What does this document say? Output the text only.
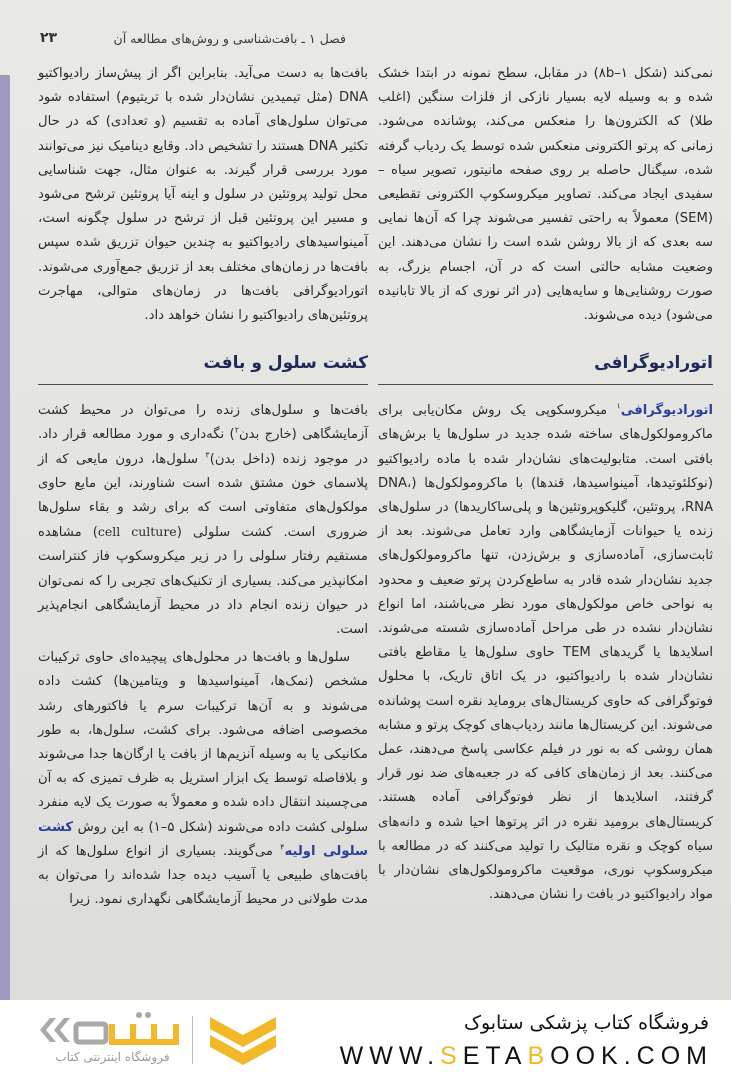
فصل ۱ ـ بافت‌شناسی و روش‌های مطالعه آن
۲۳

نمی‌کند (شکل ۸b–۱) در مقابل، سطح نمونه در ابتدا خشک شده و به وسیله لایه بسیار نازکی از فلزات سنگین (اغلب طلا) که الکترون‌ها را منعکس می‌کند، پوشانده می‌شود. زمانی که پرتو الکترونی منعکس شده توسط یک ردیاب گرفته شده، سیگنال حاصله بر روی صفحه مانیتور، تصویر سیاه – سفیدی ایجاد می‌کند. تصاویر میکروسکوپ الکترونی تقطیعی (SEM) معمولاً به راحتی تفسیر می‌شوند چرا که آن‌ها نمایی سه بعدی که از بالا روشن شده است را نشان می‌دهند. این وضعیت مشابه حالتی است که در آن، اجسام بزرگ، به صورت روشنایی‌ها و سایه‌هایی (در اثر نوری که از بالا تابانیده می‌شود) دیده می‌شوند.

اتورادیوگرافی

اتورادیوگرافی$^۱$ میکروسکوپی یک روش مکان‌یابی برای ماکرومولکول‌های ساخته شده جدید در سلول‌ها یا برش‌های بافتی است. متابولیت‌های نشان‌دار شده با ماده رادیواکتیو (نوکلئوتیدها، آمینواسیدها، قندها) با ماکرومولکول‌ها (DNA، RNA، پروتئین، گلیکوپروتئین‌ها و پلی‌ساکاریدها) در سلول‌های زنده یا حیوانات آزمایشگاهی وارد تعامل می‌شوند. بعد از ثابت‌سازی، آماده‌سازی و برش‌زدن، تنها ماکرومولکول‌های جدید نشان‌دار شده قادر به ساطع‌کردن پرتو ضعیف و محدود به نواحی خاص مولکول‌های مورد نظر می‌باشند، اما انواع نشان‌دار نشده در طی مراحل آماده‌سازی شسته می‌شوند. اسلایدها یا گریدهای TEM حاوی سلول‌ها یا مقاطع بافتی نشان‌دار شده با رادیواکتیو، در یک اتاق تاریک، با محلول فوتوگرافی که حاوی کریستال‌های بروماید نقره است پوشانده می‌شوند. این کریستال‌ها مانند ردیاب‌های کوچک پرتو و مشابه همان روشی که به نور در فیلم عکاسی پاسخ می‌دهند، عمل می‌کنند. بعد از زمان‌های کافی که در جعبه‌های ضد نور قرار گرفتند، اسلایدها از نظر فوتوگرافی آماده هستند. کریستال‌های برومید نقره در اثر پرتوها احیا شده و دانه‌های سیاه کوچک و نقره متالیک را تولید می‌کنند که در مطالعه با میکروسکوپ نوری، موقعیت ماکرومولکول‌های نشان‌دار با مواد رادیواکتیو در بافت را نشان می‌دهند.

بافت‌ها به دست می‌آید. بنابراین اگر از پیش‌ساز رادیواکتیو DNA (مثل تیمیدین نشان‌دار شده با تریتیوم) استفاده شود می‌توان سلول‌های آماده به تقسیم (و تعدادی) که در حال تکثیر DNA هستند را تشخیص داد. وقایع دینامیک نیز می‌توانند مورد بررسی قرار گیرند. به عنوان مثال، جهت شناسایی محل تولید پروتئین در سلول و اینه آیا پروتئین ترشح می‌شود و مسیر این پروتئین قبل از ترشح در سلول چگونه است، آمینواسیدهای رادیواکتیو به چندین حیوان تزریق شده سپس بافت‌ها در زمان‌های مختلف بعد از تزریق جمع‌آوری می‌شوند. اتورادیوگرافی بافت‌ها در زمان‌های متوالی، مهاجرت پروتئین‌های رادیواکتیو را نشان خواهد داد.

کشت سلول و بافت

بافت‌ها و سلول‌های زنده را می‌توان در محیط کشت آزمایشگاهی (خارج بدن$^۲$) نگه‌داری و مورد مطالعه قرار داد. در موجود زنده (داخل بدن)$^۳$ سلول‌ها، درون مایعی که از پلاسمای خون مشتق شده است شناورند، این مایع حاوی مولکول‌های متفاوتی است که برای رشد و بقاء سلول‌ها ضروری است. کشت سلولی (cell culture) مشاهده مستقیم رفتار سلولی را در زیر میکروسکوپ فاز کنتراست امکانپذیر می‌کند. بسیاری از تکنیک‌های تجربی را که نمی‌توان در حیوان زنده انجام داد در محیط آزمایشگاهی انجام‌پذیر است.

سلول‌ها و بافت‌ها در محلول‌های پیچیده‌ای حاوی ترکیبات مشخص (نمک‌ها، آمینواسیدها و ویتامین‌ها) کشت داده می‌شوند و به آن‌ها ترکیبات سرم یا فاکتورهای رشد مخصوصی اضافه می‌شود. برای کشت، سلول‌ها، به طور مکانیکی یا به وسیله آنزیم‌ها از بافت یا ارگان‌ها جدا می‌شوند و بلافاصله توسط یک ابزار استریل به ظرف تمیزی که به آن می‌چسبند انتقال داده شده و معمولاً به صورت یک لایه منفرد سلولی کشت داده می‌شوند (شکل ۵–۱) به این روش کشت سلولی اولیه$^۴$ می‌گویند. بسیاری از انواع سلول‌ها که از بافت‌های طبیعی یا آسیب دیده جدا شده‌اند را می‌توان به مدت طولانی در محیط آزمایشگاهی نگهداری نمود. زیرا

فروشگاه اینترنتی کتاب
فروشگاه کتاب پزشکی ستابوک
WWW.SETABOOK.COM
